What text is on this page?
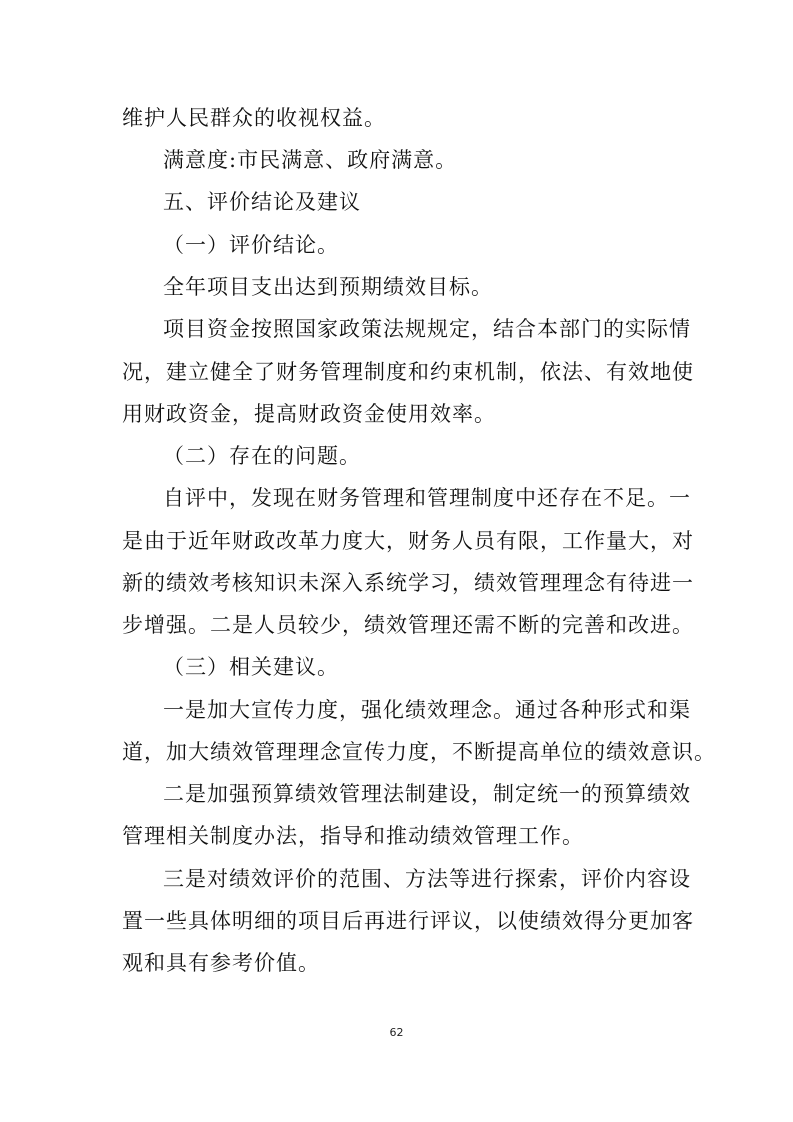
维护人民群众的收视权益。
满意度:市民满意、政府满意。
五、评价结论及建议
（一）评价结论。
全年项目支出达到预期绩效目标。
项目资金按照国家政策法规规定，结合本部门的实际情
况，建立健全了财务管理制度和约束机制，依法、有效地使
用财政资金，提高财政资金使用效率。
（二）存在的问题。
自评中，发现在财务管理和管理制度中还存在不足。一
是由于近年财政改革力度大，财务人员有限，工作量大，对
新的绩效考核知识未深入系统学习，绩效管理理念有待进一
步增强。二是人员较少，绩效管理还需不断的完善和改进。
（三）相关建议。
一是加大宣传力度，强化绩效理念。通过各种形式和渠
道，加大绩效管理理念宣传力度，不断提高单位的绩效意识。
二是加强预算绩效管理法制建设，制定统一的预算绩效
管理相关制度办法，指导和推动绩效管理工作。
三是对绩效评价的范围、方法等进行探索，评价内容设
置一些具体明细的项目后再进行评议，以使绩效得分更加客
观和具有参考价值。
62
